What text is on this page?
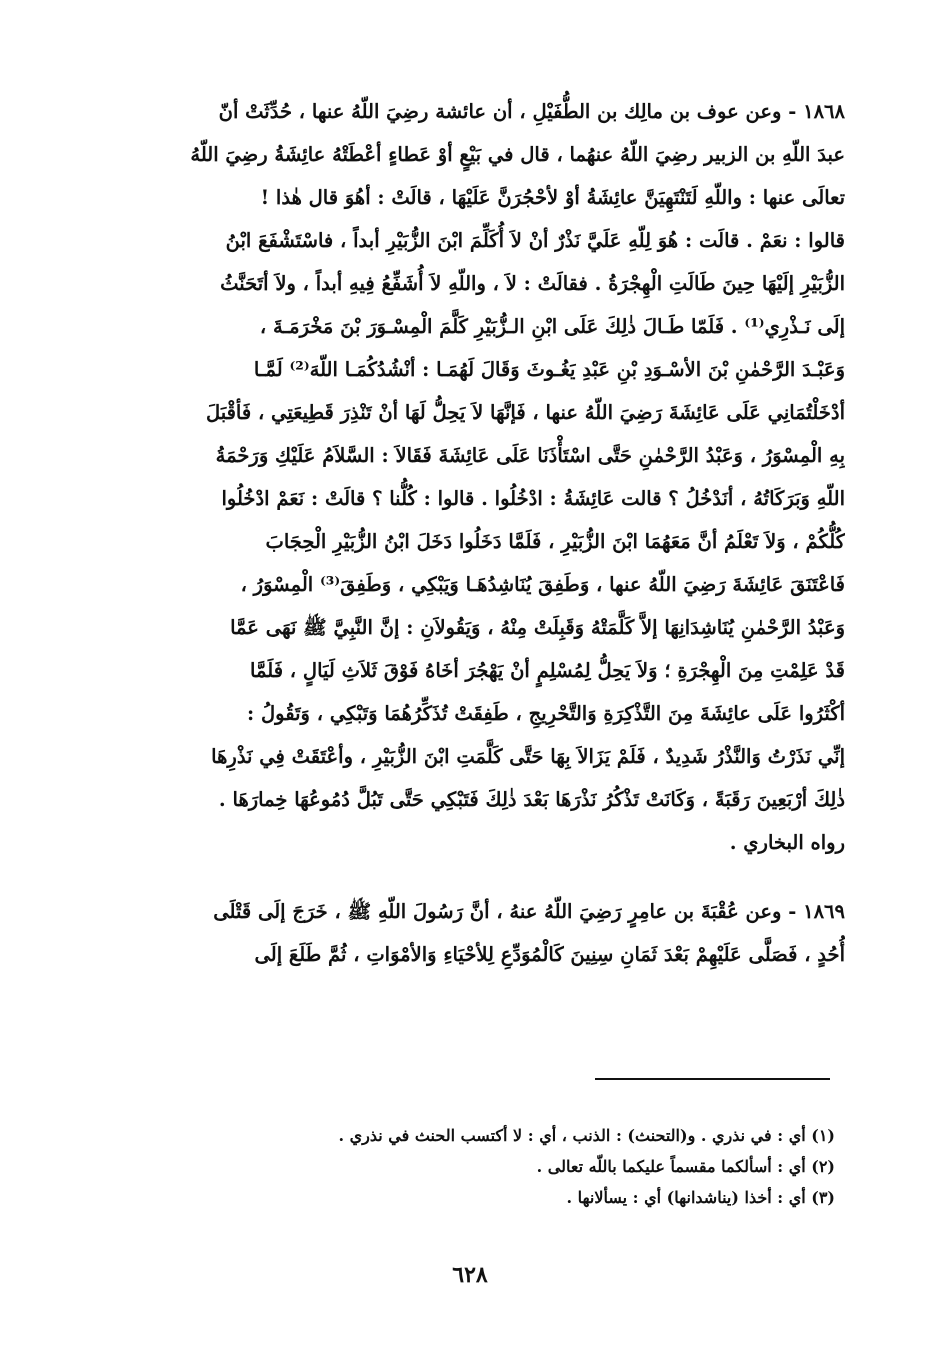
١٨٦٨ - وعن عوف بن مالِك بن الطُّفَيْلِ ، أن عائشة رضِيَ اللّهُ عنها ، حُدِّثَتْ أنّ
عبدَ اللّهِ بن الزبير رضِيَ اللّهُ عنهُما ، قال في بَيْعٍ أوْ عَطاءٍ أعْطَتْهُ عائِشَةُ رضِيَ اللّهُ
تعالَى عنها : واللّهِ لَتَنْتَهِيَنَّ عائِشَةُ أوْ لأحْجُرَنَّ عَلَيْهَا ، قالَتْ : أهُوَ قال هٰذا !
قالوا : نعَمْ . قالَت : هُوَ لِلّهِ عَلَيَّ نَذْرٌ أنْ لاَ أُكَلِّمَ ابْنَ الزُّبَيْرِ أبداً ، فاسْتَشْفَعَ ابْنُ
الزُّبَيْرِ إلَيْهَا حِينَ طَالَتِ الْهِجْرَةُ . فقالَتْ : لاَ ، واللّهِ لاَ أُشَفِّعُ فِيهِ أبداً ، ولاَ أتَحَنَّثُ
إلَى نَـذْرِي⁽¹⁾ . فَلَمّا طَـالَ ذٰلِكَ عَلَى ابْنِ الـزُّبَيْرِ كَلَّمَ الْمِسْـوَرَ بْنَ مَخْرَمَـةَ ،
وَعَبْـدَ الرَّحْمٰنِ بْنَ الأسْـوَدِ بْنِ عَبْدِ يَغُـوثَ وَقَالَ لَهُمَـا : أنْشُدُكُمَـا اللّهَ⁽²⁾ لَمَّـا
أدْخَلْتُمَانِي عَلَى عَائِشَةَ رَضِيَ اللّهُ عنها ، فَإنَّهَا لاَ يَحِلُّ لَهَا أنْ تَنْذِرَ قَطِيعَتِي ، فَأقْبَلَ
بِهِ الْمِسْوَرُ ، وَعَبْدُ الرَّحْمٰنِ حَتَّى اسْتَأْذَنَا عَلَى عَائِشَةَ فَقَالاَ : السَّلاَمُ عَلَيْكِ وَرَحْمَةُ
اللّهِ وَبَرَكَاتُهُ ، أنَدْخُلُ ؟ قالت عَائِشَةُ : ادْخُلُوا . قالوا : كُلُّنا ؟ قالَتْ : نَعَمْ ادْخُلُوا
كُلُّكُمْ ، وَلاَ تَعْلَمُ أنَّ مَعَهُمَا ابْنَ الزُّبَيْرِ ، فَلَمَّا دَخَلُوا دَخَلَ ابْنُ الزُّبَيْرِ الْحِجَابَ
فَاعْتَنَقَ عَائِشَةَ رَضِيَ اللّهُ عنها ، وَطَفِقَ يُنَاشِدُهَـا وَيَبْكِي ، وَطَفِقَ⁽³⁾ الْمِسْوَرُ ،
وَعَبْدُ الرَّحْمٰنِ يُنَاشِدَانِهَا إلاَّ كَلَّمَتْهُ وَقَبِلَتْ مِنْهُ ، وَيَقُولاَنِ : إنَّ النَّبِيَّ ﷺ نَهَى عَمَّا
قَدْ عَلِمْتِ مِنَ الْهِجْرَةِ ؛ وَلاَ يَحِلُّ لِمُسْلِمٍ أنْ يَهْجُرَ أخَاهُ فَوْقَ ثَلاَثِ لَيَالٍ ، فَلَمَّا
أكْثَرُوا عَلَى عائِشَةَ مِنَ التَّذْكِرَةِ وَالتَّحْرِيجِ ، طَفِقَتْ تُذَكِّرُهُمَا وَتَبْكِي ، وَتَقُولُ :
إنِّي نَذَرْتُ وَالنَّذْرُ شَدِيدٌ ، فَلَمْ يَزَالاَ بِهَا حَتَّى كَلَّمَتِ ابْنَ الزُّبَيْرِ ، وأعْتَقَتْ فِي نَذْرِهَا
ذٰلِكَ أرْبَعِينَ رَقَبَةً ، وَكَانَتْ تَذْكُرُ نَذْرَهَا بَعْدَ ذٰلِكَ فَتَبْكِي حَتَّى تَبُلَّ دُمُوعُهَا خِمارَهَا .
رواه البخاري .
١٨٦٩ - وعن عُقْبَةَ بن عامِرٍ رَضِيَ اللّهُ عنهُ ، أنَّ رَسُولَ اللّهِ ﷺ ، خَرَجَ إلَى قَتْلَى
أُحُدٍ ، فَصَلَّى عَلَيْهِمْ بَعْدَ ثَمَانِ سِنِينَ كَالْمُوَدِّعِ لِلأحْيَاءِ وَالأمْوَاتِ ، ثُمَّ طَلَعَ إلَى
(١) أي : في نذري . و(التحنث) : الذنب ، أي : لا أكتسب الحنث في نذري .
(٢) أي : أسألكما مقسماً عليكما باللّه تعالى .
(٣) أي : أخذا (يناشدانها) أي : يسألانها .
٦٢٨
